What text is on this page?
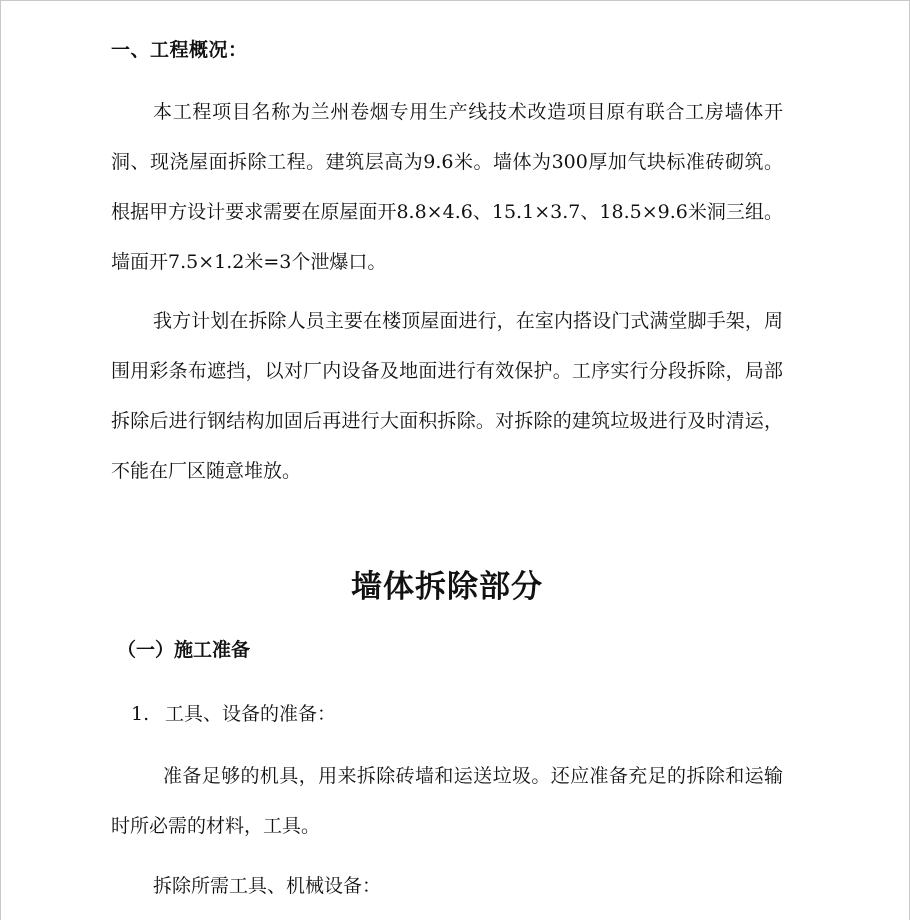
一、工程概况：

本工程项目名称为兰州卷烟专用生产线技术改造项目原有联合工房墙体开洞、现浇屋面拆除工程。建筑层高为9.6米。墙体为300厚加气块标准砖砌筑。根据甲方设计要求需要在原屋面开8.8×4.6、15.1×3.7、18.5×9.6米洞三组。墙面开7.5×1.2米=3个泄爆口。

我方计划在拆除人员主要在楼顶屋面进行，在室内搭设门式满堂脚手架，周围用彩条布遮挡，以对厂内设备及地面进行有效保护。工序实行分段拆除，局部拆除后进行钢结构加固后再进行大面积拆除。对拆除的建筑垃圾进行及时清运，不能在厂区随意堆放。

墙体拆除部分
（一）施工准备
1. 工具、设备的准备：

准备足够的机具，用来拆除砖墙和运送垃圾。还应准备充足的拆除和运输时所必需的材料，工具。

拆除所需工具、机械设备：
